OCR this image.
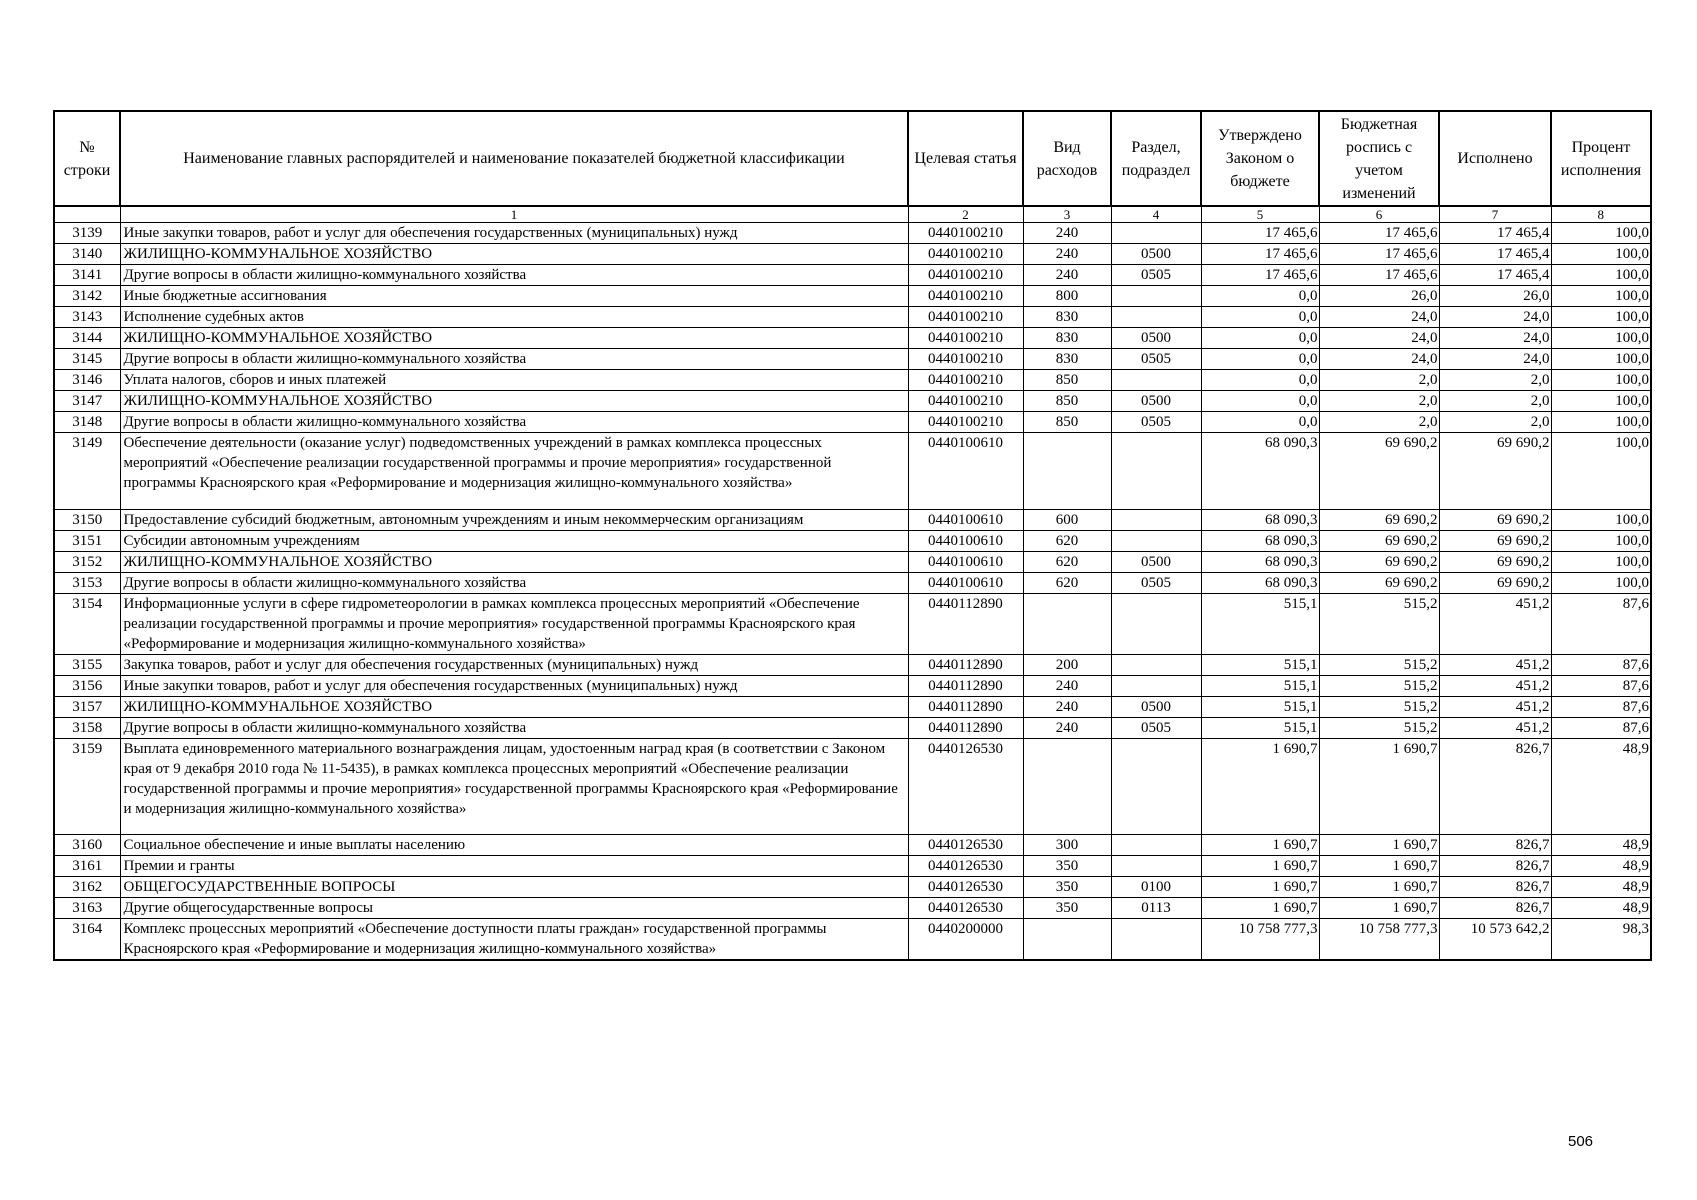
№ строки	Наименование главных распорядителей и наименование показателей бюджетной классификации	Целевая статья	Вид расходов	Раздел, подраздел	Утверждено Законом о бюджете	Бюджетная роспись с учетом изменений	Исполнено	Процент исполнения
	1	2	3	4	5	6	7	8
3139	Иные закупки товаров, работ и услуг для обеспечения государственных (муниципальных) нужд	0440100210	240		17 465,6	17 465,6	17 465,4	100,0
3140	ЖИЛИЩНО-КОММУНАЛЬНОЕ ХОЗЯЙСТВО	0440100210	240	0500	17 465,6	17 465,6	17 465,4	100,0
3141	Другие вопросы в области жилищно-коммунального хозяйства	0440100210	240	0505	17 465,6	17 465,6	17 465,4	100,0
3142	Иные бюджетные ассигнования	0440100210	800		0,0	26,0	26,0	100,0
3143	Исполнение судебных актов	0440100210	830		0,0	24,0	24,0	100,0
3144	ЖИЛИЩНО-КОММУНАЛЬНОЕ ХОЗЯЙСТВО	0440100210	830	0500	0,0	24,0	24,0	100,0
3145	Другие вопросы в области жилищно-коммунального хозяйства	0440100210	830	0505	0,0	24,0	24,0	100,0
3146	Уплата налогов, сборов и иных платежей	0440100210	850		0,0	2,0	2,0	100,0
3147	ЖИЛИЩНО-КОММУНАЛЬНОЕ ХОЗЯЙСТВО	0440100210	850	0500	0,0	2,0	2,0	100,0
3148	Другие вопросы в области жилищно-коммунального хозяйства	0440100210	850	0505	0,0	2,0	2,0	100,0
3149	Обеспечение деятельности (оказание услуг) подведомственных учреждений в рамках комплекса процессных мероприятий «Обеспечение реализации государственной программы и прочие мероприятия» государственной программы Красноярского края «Реформирование и модернизация жилищно-коммунального хозяйства»	0440100610			68 090,3	69 690,2	69 690,2	100,0
3150	Предоставление субсидий бюджетным, автономным учреждениям и иным некоммерческим организациям	0440100610	600		68 090,3	69 690,2	69 690,2	100,0
3151	Субсидии автономным учреждениям	0440100610	620		68 090,3	69 690,2	69 690,2	100,0
3152	ЖИЛИЩНО-КОММУНАЛЬНОЕ ХОЗЯЙСТВО	0440100610	620	0500	68 090,3	69 690,2	69 690,2	100,0
3153	Другие вопросы в области жилищно-коммунального хозяйства	0440100610	620	0505	68 090,3	69 690,2	69 690,2	100,0
3154	Информационные услуги в сфере гидрометеорологии в рамках комплекса процессных мероприятий «Обеспечение реализации государственной программы и прочие мероприятия» государственной программы Красноярского края «Реформирование и модернизация жилищно-коммунального хозяйства»	0440112890			515,1	515,2	451,2	87,6
3155	Закупка товаров, работ и услуг для обеспечения государственных (муниципальных) нужд	0440112890	200		515,1	515,2	451,2	87,6
3156	Иные закупки товаров, работ и услуг для обеспечения государственных (муниципальных) нужд	0440112890	240		515,1	515,2	451,2	87,6
3157	ЖИЛИЩНО-КОММУНАЛЬНОЕ ХОЗЯЙСТВО	0440112890	240	0500	515,1	515,2	451,2	87,6
3158	Другие вопросы в области жилищно-коммунального хозяйства	0440112890	240	0505	515,1	515,2	451,2	87,6
3159	Выплата единовременного материального вознаграждения лицам, удостоенным наград края (в соответствии с Законом края от 9 декабря 2010 года № 11-5435), в рамках комплекса процессных мероприятий «Обеспечение реализации государственной программы и прочие мероприятия» государственной программы Красноярского края «Реформирование и модернизация жилищно-коммунального хозяйства»	0440126530			1 690,7	1 690,7	826,7	48,9
3160	Социальное обеспечение и иные выплаты населению	0440126530	300		1 690,7	1 690,7	826,7	48,9
3161	Премии и гранты	0440126530	350		1 690,7	1 690,7	826,7	48,9
3162	ОБЩЕГОСУДАРСТВЕННЫЕ ВОПРОСЫ	0440126530	350	0100	1 690,7	1 690,7	826,7	48,9
3163	Другие общегосударственные вопросы	0440126530	350	0113	1 690,7	1 690,7	826,7	48,9
3164	Комплекс процессных мероприятий «Обеспечение доступности платы граждан» государственной программы Красноярского края «Реформирование и модернизация жилищно-коммунального хозяйства»	0440200000			10 758 777,3	10 758 777,3	10 573 642,2	98,3
506
